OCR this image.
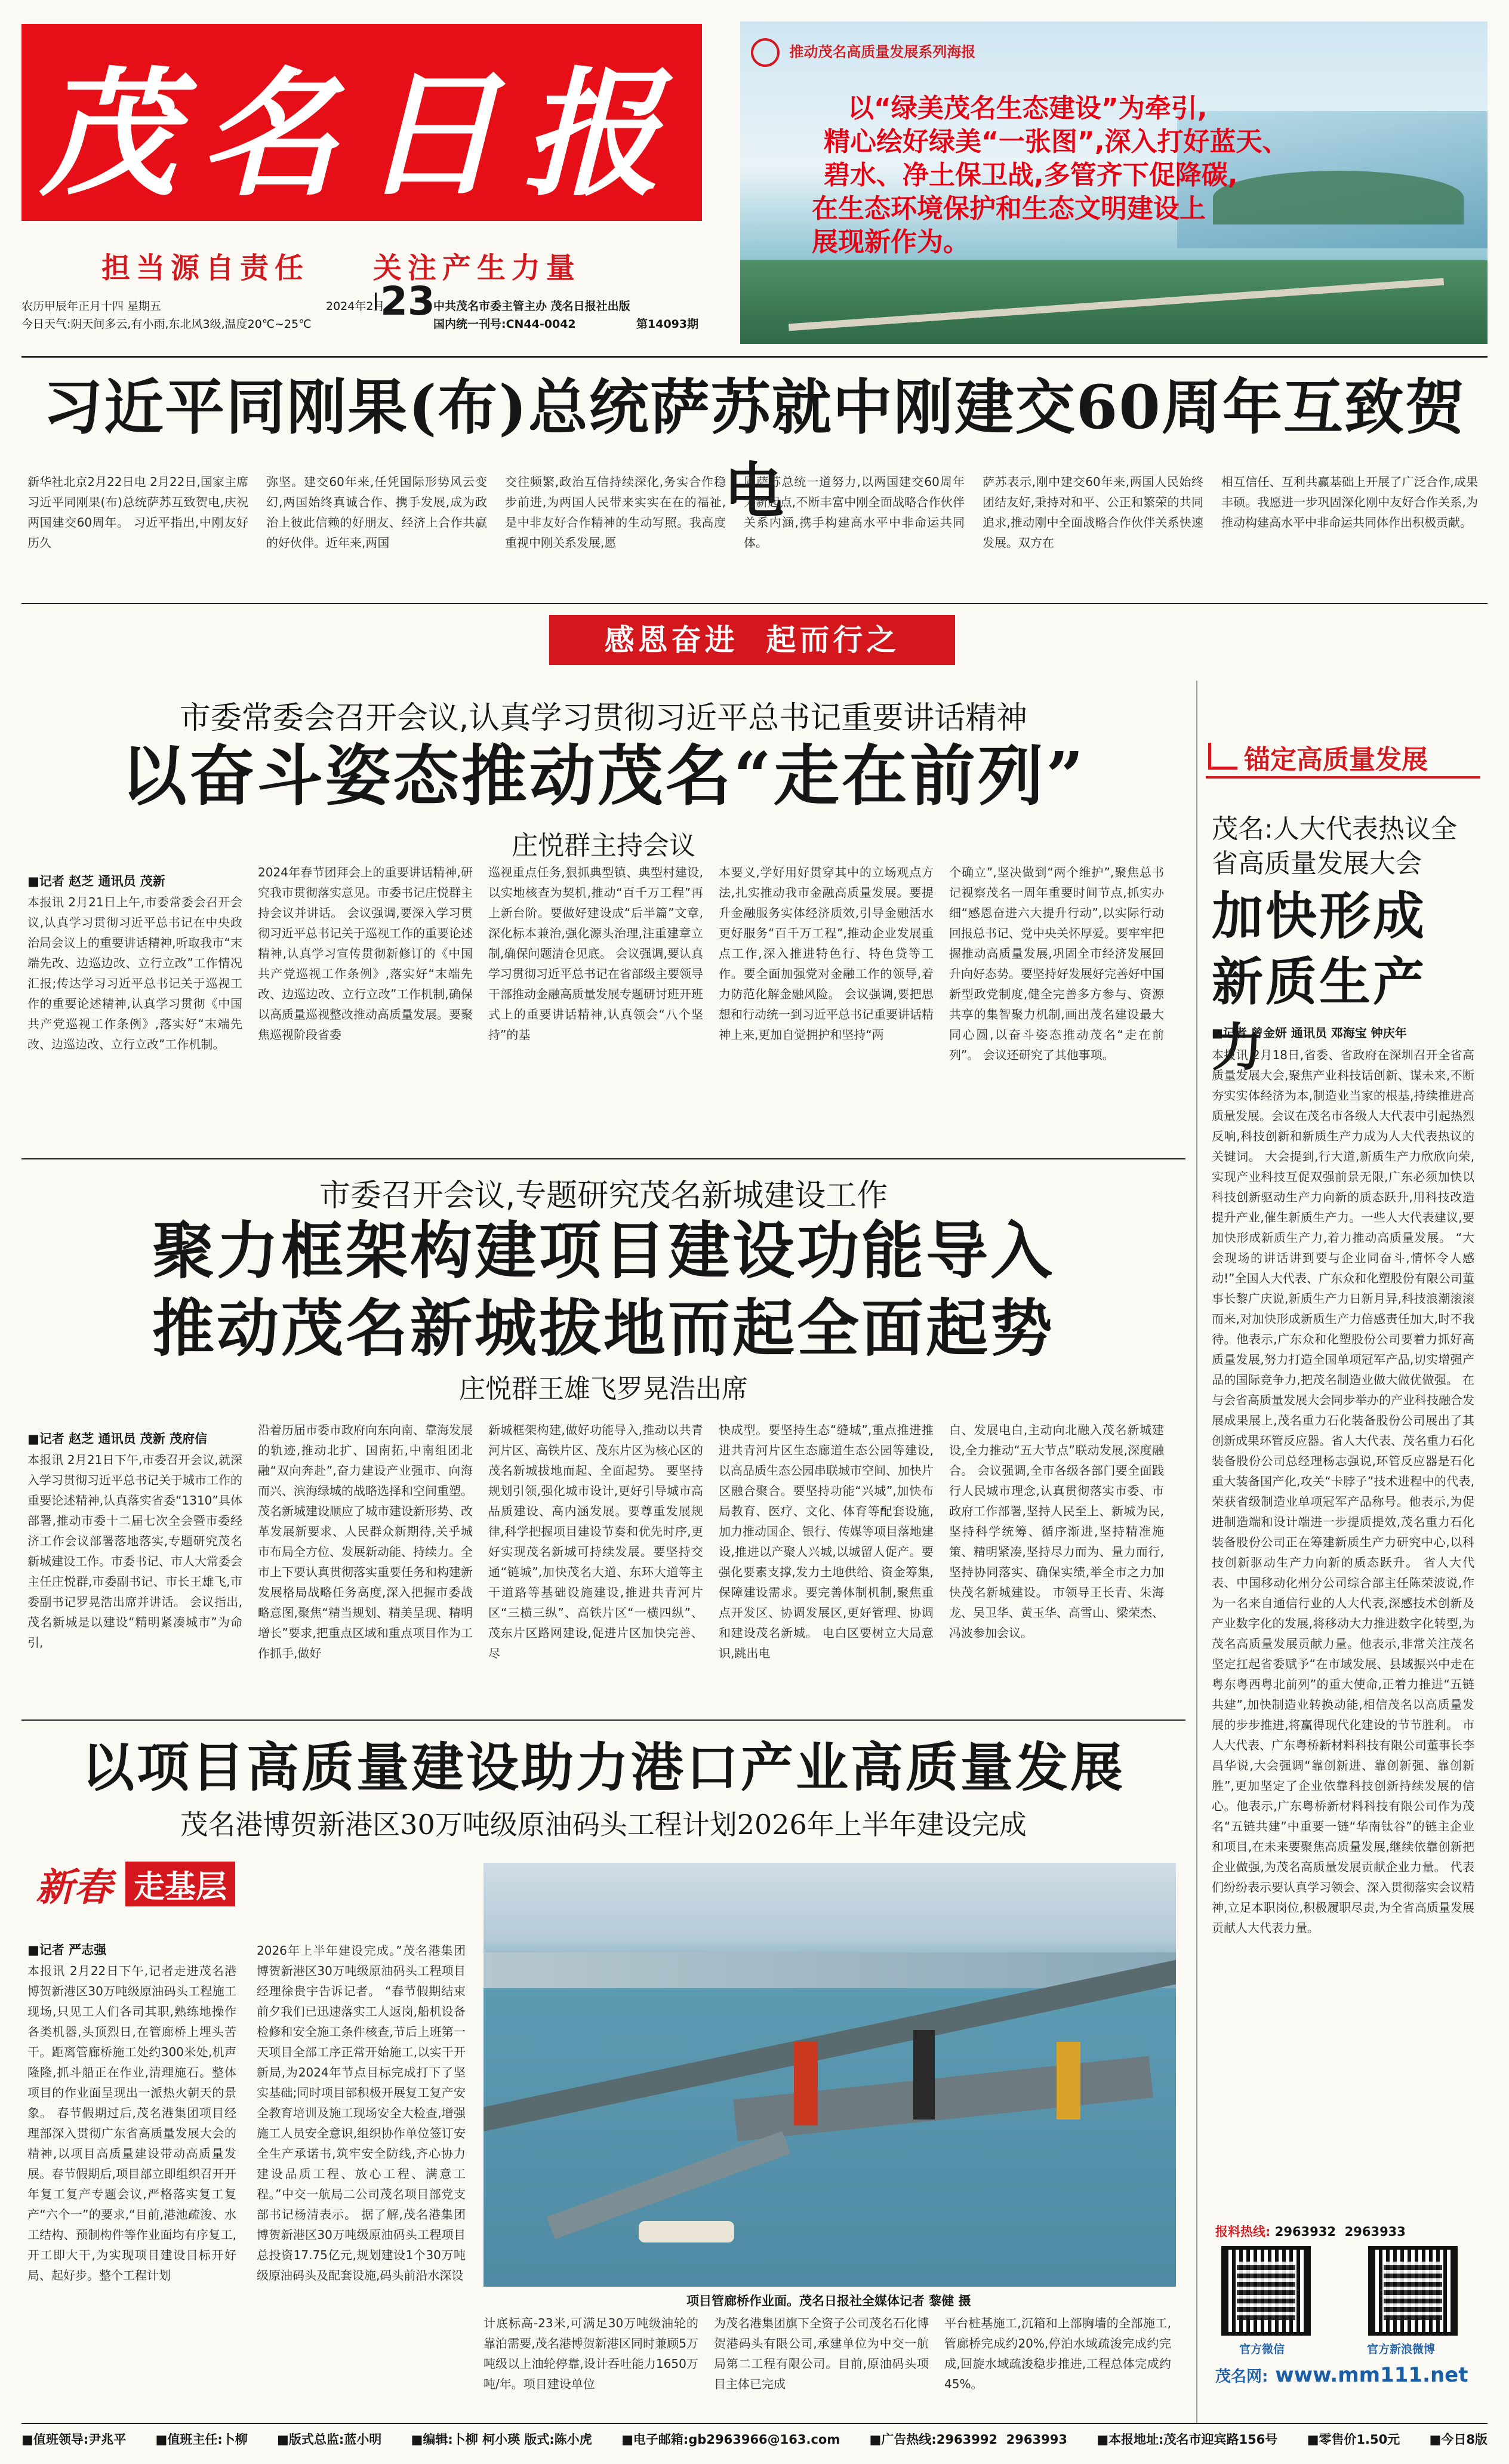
茂名日报
担当源自责任    关注产生力量
农历甲辰年正月十四 星期五
今日天气:阴天间多云,有小雨,东北风3级,温度20℃~25℃
2024年2月
23
中共茂名市委主管主办 茂名日报社出版
国内统一刊号:CN44-0042	第14093期
推动茂名高质量发展系列海报
以“绿美茂名生态建设”为牵引,
精心绘好绿美“一张图”,深入打好蓝天、
碧水、净土保卫战,多管齐下促降碳,
在生态环境保护和生态文明建设上
展现新作为。
习近平同刚果(布)总统萨苏就中刚建交60周年互致贺电
新华社北京2月22日电 2月22日,国家主席习近平同刚果(布)总统萨苏互致贺电,庆祝两国建交60周年。 习近平指出,中刚友好历久
弥坚。建交60年来,任凭国际形势风云变幻,两国始终真诚合作、携手发展,成为政治上彼此信赖的好朋友、经济上合作共赢的好伙伴。近年来,两国
交往频繁,政治互信持续深化,务实合作稳步前进,为两国人民带来实实在在的福祉,是中非友好合作精神的生动写照。我高度重视中刚关系发展,愿
同萨苏总统一道努力,以两国建交60周年为新起点,不断丰富中刚全面战略合作伙伴关系内涵,携手构建高水平中非命运共同体。
萨苏表示,刚中建交60年来,两国人民始终团结友好,秉持对和平、公正和繁荣的共同追求,推动刚中全面战略合作伙伴关系快速发展。双方在
相互信任、互利共赢基础上开展了广泛合作,成果丰硕。我愿进一步巩固深化刚中友好合作关系,为推动构建高水平中非命运共同体作出积极贡献。
感恩奋进  起而行之
市委常委会召开会议,认真学习贯彻习近平总书记重要讲话精神
以奋斗姿态推动茂名“走在前列”
庄悦群主持会议
■记者 赵芝 通讯员 茂新
本报讯 2月21日上午,市委常委会召开会议,认真学习贯彻习近平总书记在中央政治局会议上的重要讲话精神,听取我市“末端先改、边巡边改、立行立改”工作情况汇报;传达学习习近平总书记关于巡视工作的重要论述精神,认真学习贯彻《中国共产党巡视工作条例》,落实好“末端先改、边巡边改、立行立改”工作机制。
2024年春节团拜会上的重要讲话精神,研究我市贯彻落实意见。市委书记庄悦群主持会议并讲话。 会议强调,要深入学习贯彻习近平总书记关于巡视工作的重要论述精神,认真学习宣传贯彻新修订的《中国共产党巡视工作条例》,落实好“末端先改、边巡边改、立行立改”工作机制,确保以高质量巡视整改推动高质量发展。要聚焦巡视阶段省委
巡视重点任务,狠抓典型镇、典型村建设,以实地核查为契机,推动“百千万工程”再上新台阶。要做好建设成“后半篇”文章,深化标本兼治,强化源头治理,注重建章立制,确保问题清仓见底。 会议强调,要认真学习贯彻习近平总书记在省部级主要领导干部推动金融高质量发展专题研讨班开班式上的重要讲话精神,认真领会“八个坚持”的基
本要义,学好用好贯穿其中的立场观点方法,扎实推动我市金融高质量发展。要提升金融服务实体经济质效,引导金融活水更好服务“百千万工程”,推动企业发展重点工作,深入推进特色行、特色贷等工作。要全面加强党对金融工作的领导,着力防范化解金融风险。 会议强调,要把思想和行动统一到习近平总书记重要讲话精神上来,更加自觉拥护和坚持“两
个确立”,坚决做到“两个维护”,聚焦总书记视察茂名一周年重要时间节点,抓实办细“感恩奋进六大提升行动”,以实际行动回报总书记、党中央关怀厚爱。要牢牢把握推动高质量发展,巩固全市经济发展回升向好态势。要坚持好发展好完善好中国新型政党制度,健全完善多方参与、资源共享的集智聚力机制,画出茂名建设最大同心圆,以奋斗姿态推动茂名“走在前列”。 会议还研究了其他事项。
市委召开会议,专题研究茂名新城建设工作
聚力框架构建项目建设功能导入
推动茂名新城拔地而起全面起势
庄悦群王雄飞罗晃浩出席
■记者 赵芝 通讯员 茂新 茂府信
本报讯 2月21日下午,市委召开会议,就深入学习贯彻习近平总书记关于城市工作的重要论述精神,认真落实省委“1310”具体部署,推动市委十二届七次全会暨市委经济工作会议部署落地落实,专题研究茂名新城建设工作。市委书记、市人大常委会主任庄悦群,市委副书记、市长王雄飞,市委副书记罗晃浩出席并讲话。 会议指出,茂名新城是以建设“精明紧凑城市”为命引,
沿着历届市委市政府向东向南、靠海发展的轨迹,推动北扩、国南拓,中南组团北融“双向奔赴”,奋力建设产业强市、向海而兴、滨海绿城的战略选择和空间重塑。茂名新城建设顺应了城市建设新形势、改革发展新要求、人民群众新期待,关乎城市布局全方位、发展新动能、持续力。全市上下要认真贯彻落实重要任务和构建新发展格局战略任务高度,深入把握市委战略意图,聚焦“精当规划、精美呈现、精明增长”要求,把重点区域和重点项目作为工作抓手,做好
新城框架构建,做好功能导入,推动以共青河片区、高铁片区、茂东片区为核心区的茂名新城拔地而起、全面起势。 要坚持规划引领,强化城市设计,更好引导城市高品质建设、高内涵发展。要尊重发展规律,科学把握项目建设节奏和优先时序,更好实现茂名新城可持续发展。要坚持交通“链城”,加快茂名大道、东环大道等主干道路等基础设施建设,推进共青河片区“三横三纵”、高铁片区“一横四纵”、茂东片区路网建设,促进片区加快完善、尽
快成型。要坚持生态“缝城”,重点推进推进共青河片区生态廊道生态公园等建设,以高品质生态公园串联城市空间、加快片区融合聚合。要坚持功能“兴城”,加快布局教育、医疗、文化、体育等配套设施,加力推动国企、银行、传媒等项目落地建设,推进以产聚人兴城,以城留人促产。要强化要素支撑,发力土地供给、资金筹集,保障建设需求。要完善体制机制,聚焦重点开发区、协调发展区,更好管理、协调和建设茂名新城。 电白区要树立大局意识,跳出电
白、发展电白,主动向北融入茂名新城建设,全力推动“五大节点”联动发展,深度融合。 会议强调,全市各级各部门要全面践行人民城市理念,认真贯彻落实市委、市政府工作部署,坚持人民至上、新城为民,坚持科学统筹、循序渐进,坚持精准施策、精明紧凑,坚持尽力而为、量力而行,坚持协同落实、确保实绩,举全市之力加快茂名新城建设。 市领导王长青、朱海龙、吴卫华、黄玉华、高雪山、梁荣杰、冯波参加会议。
以项目高质量建设助力港口产业高质量发展
茂名港博贺新港区30万吨级原油码头工程计划2026年上半年建设完成
新春 走基层
■记者 严志强
本报讯 2月22日下午,记者走进茂名港博贺新港区30万吨级原油码头工程施工现场,只见工人们各司其职,熟练地操作各类机器,头顶烈日,在管廊桥上埋头苦干。距离管廊桥施工处约300米处,机声隆隆,抓斗船正在作业,清理施石。整体项目的作业面呈现出一派热火朝天的景象。 春节假期过后,茂名港集团项目经理部深入贯彻广东省高质量发展大会的精神,以项目高质量建设带动高质量发展。春节假期后,项目部立即组织召开开年复工复产专题会议,严格落实复工复产“六个一”的要求,“目前,港池疏浚、水工结构、预制构件等作业面均有序复工,开工即大干,为实现项目建设目标开好局、起好步。整个工程计划
2026年上半年建设完成。”茂名港集团博贺新港区30万吨级原油码头工程项目经理徐贵宇告诉记者。 “春节假期结束前夕我们已迅速落实工人返岗,船机设备检修和安全施工条件核查,节后上班第一天项目全部工序正常开始施工,以实干开新局,为2024年节点目标完成打下了坚实基础;同时项目部积极开展复工复产安全教育培训及施工现场安全大检查,增强施工人员安全意识,组织协作单位签订安全生产承诺书,筑牢安全防线,齐心协力建设品质工程、放心工程、满意工程。”中交一航局二公司茂名项目部党支部书记杨清表示。 据了解,茂名港集团博贺新港区30万吨级原油码头工程项目总投资17.75亿元,规划建设1个30万吨级原油码头及配套设施,码头前沿水深设
项目管廊桥作业面。茂名日报社全媒体记者 黎健 摄
计底标高-23米,可满足30万吨级油轮的靠泊需要,茂名港博贺新港区同时兼顾5万吨级以上油轮停靠,设计吞吐能力1650万吨/年。项目建设单位
为茂名港集团旗下全资子公司茂名石化博贺港码头有限公司,承建单位为中交一航局第二工程有限公司。目前,原油码头项目主体已完成
平台桩基施工,沉箱和上部胸墙的全部施工,管廊桥完成约20%,停泊水域疏浚完成约完成,回旋水域疏浚稳步推进,工程总体完成约45%。
锚定高质量发展
茂名:人大代表热议全省高质量发展大会
加快形成新质生产力
■记者 曾金妍 通讯员 邓海宝 钟庆年
本报讯 2月18日,省委、省政府在深圳召开全省高质量发展大会,聚焦产业科技话创新、谋未来,不断夯实实体经济为本,制造业当家的根基,持续推进高质量发展。会议在茂名市各级人大代表中引起热烈反响,科技创新和新质生产力成为人大代表热议的关键词。 大会提到,行大道,新质生产力欣欣向荣,实现产业科技互促双强前景无限,广东必须加快以科技创新驱动生产力向新的质态跃升,用科技改造提升产业,催生新质生产力。一些人大代表建议,要加快形成新质生产力,着力推动高质量发展。 “大会现场的讲话讲到要与企业同奋斗,情怀令人感动!”全国人大代表、广东众和化塑股份有限公司董事长黎广庆说,新质生产力日新月异,科技浪潮滚滚而来,对加快形成新质生产力倍感责任加大,时不我待。他表示,广东众和化塑股份公司要着力抓好高质量发展,努力打造全国单项冠军产品,切实增强产品的国际竞争力,把茂名制造业做大做优做强。 在与会省高质量发展大会同步举办的产业科技融合发展成果展上,茂名重力石化装备股份公司展出了其创新成果环管反应器。省人大代表、茂名重力石化装备股份公司总经理杨志强说,环管反应器是石化重大装备国产化,攻关“卡脖子”技术进程中的代表,荣获省级制造业单项冠军产品称号。他表示,为促进制造端和设计端进一步提质提效,茂名重力石化装备股份公司正在筹建新质生产力研究中心,以科技创新驱动生产力向新的质态跃升。 省人大代表、中国移动化州分公司综合部主任陈荣波说,作为一名来自通信行业的人大代表,深感技术创新及产业数字化的发展,将移动大力推进数字化转型,为茂名高质量发展贡献力量。他表示,非常关注茂名坚定扛起省委赋予“在市域发展、县域振兴中走在粤东粤西粤北前列”的重大使命,正着力推进“五链共建”,加快制造业转换动能,相信茂名以高质量发展的步步推进,将赢得现代化建设的节节胜利。 市人大代表、广东粤桥新材料科技有限公司董事长李昌华说,大会强调“靠创新进、靠创新强、靠创新胜”,更加坚定了企业依靠科技创新持续发展的信心。他表示,广东粤桥新材料科技有限公司作为茂名“五链共建”中重要一链“华南钛谷”的链主企业和项目,在未来要聚焦高质量发展,继续依靠创新把企业做强,为茂名高质量发展贡献企业力量。 代表们纷纷表示要认真学习领会、深入贯彻落实会议精神,立足本职岗位,积极履职尽责,为全省高质量发展贡献人大代表力量。
报料热线: 2963932  2963933
官方微信	官方新浪微博
茂名网: www.mm111.net
■值班领导:尹兆平 ■值班主任:卜柳 ■版式总监:蓝小明 ■编辑:卜柳 柯小瑛 版式:陈小虎 ■电子邮箱:gb2963966@163.com ■广告热线:2963992  2963993 ■本报地址:茂名市迎宾路156号 ■零售价1.50元 ■今日8版
